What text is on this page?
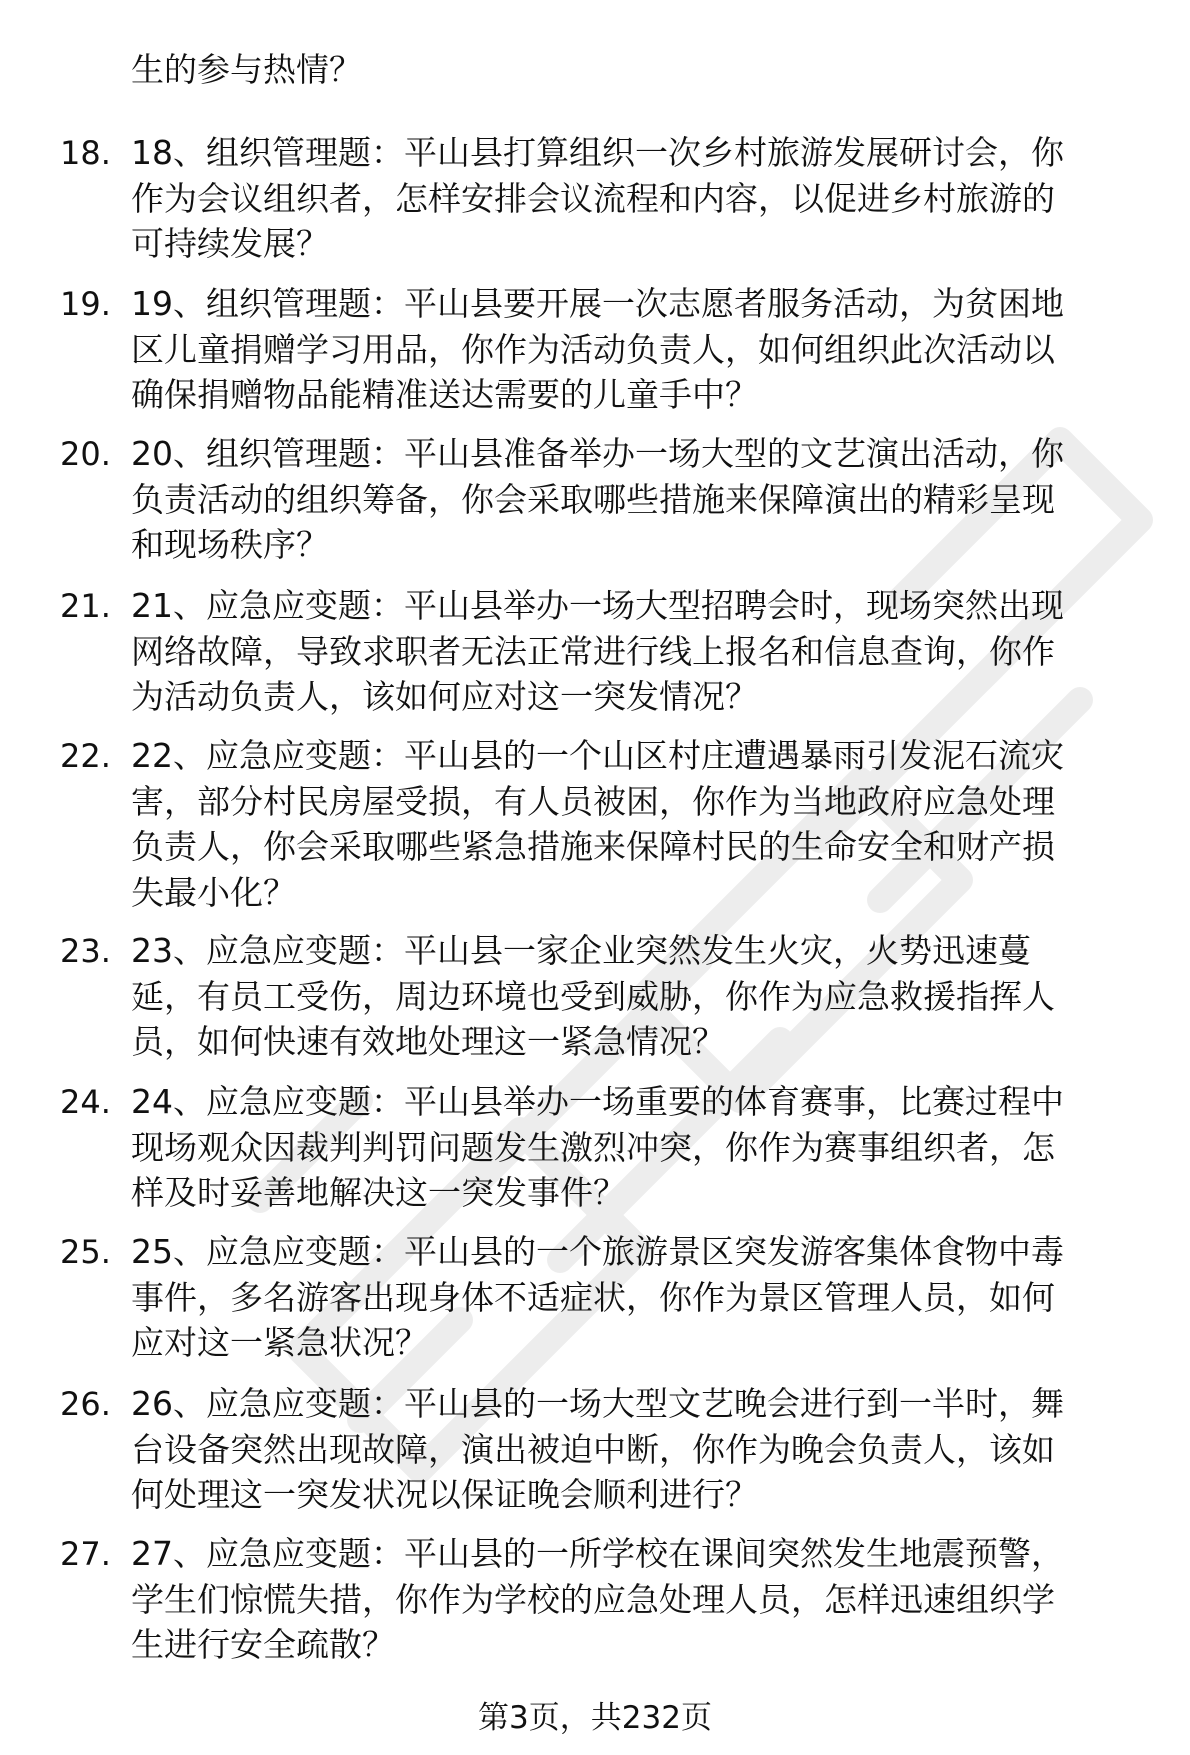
生的参与热情？
18. 18、组织管理题：平山县打算组织一次乡村旅游发展研讨会，你
作为会议组织者，怎样安排会议流程和内容，以促进乡村旅游的
可持续发展？
19. 19、组织管理题：平山县要开展一次志愿者服务活动，为贫困地
区儿童捐赠学习用品，你作为活动负责人，如何组织此次活动以
确保捐赠物品能精准送达需要的儿童手中？
20. 20、组织管理题：平山县准备举办一场大型的文艺演出活动，你
负责活动的组织筹备，你会采取哪些措施来保障演出的精彩呈现
和现场秩序？
21. 21、应急应变题：平山县举办一场大型招聘会时，现场突然出现
网络故障，导致求职者无法正常进行线上报名和信息查询，你作
为活动负责人，该如何应对这一突发情况？
22. 22、应急应变题：平山县的一个山区村庄遭遇暴雨引发泥石流灾
害，部分村民房屋受损，有人员被困，你作为当地政府应急处理
负责人，你会采取哪些紧急措施来保障村民的生命安全和财产损
失最小化？
23. 23、应急应变题：平山县一家企业突然发生火灾，火势迅速蔓
延，有员工受伤，周边环境也受到威胁，你作为应急救援指挥人
员，如何快速有效地处理这一紧急情况？
24. 24、应急应变题：平山县举办一场重要的体育赛事，比赛过程中
现场观众因裁判判罚问题发生激烈冲突，你作为赛事组织者，怎
样及时妥善地解决这一突发事件？
25. 25、应急应变题：平山县的一个旅游景区突发游客集体食物中毒
事件，多名游客出现身体不适症状，你作为景区管理人员，如何
应对这一紧急状况？
26. 26、应急应变题：平山县的一场大型文艺晚会进行到一半时，舞
台设备突然出现故障，演出被迫中断，你作为晚会负责人，该如
何处理这一突发状况以保证晚会顺利进行？
27. 27、应急应变题：平山县的一所学校在课间突然发生地震预警，
学生们惊慌失措，你作为学校的应急处理人员，怎样迅速组织学
生进行安全疏散？
第3页，共232页
